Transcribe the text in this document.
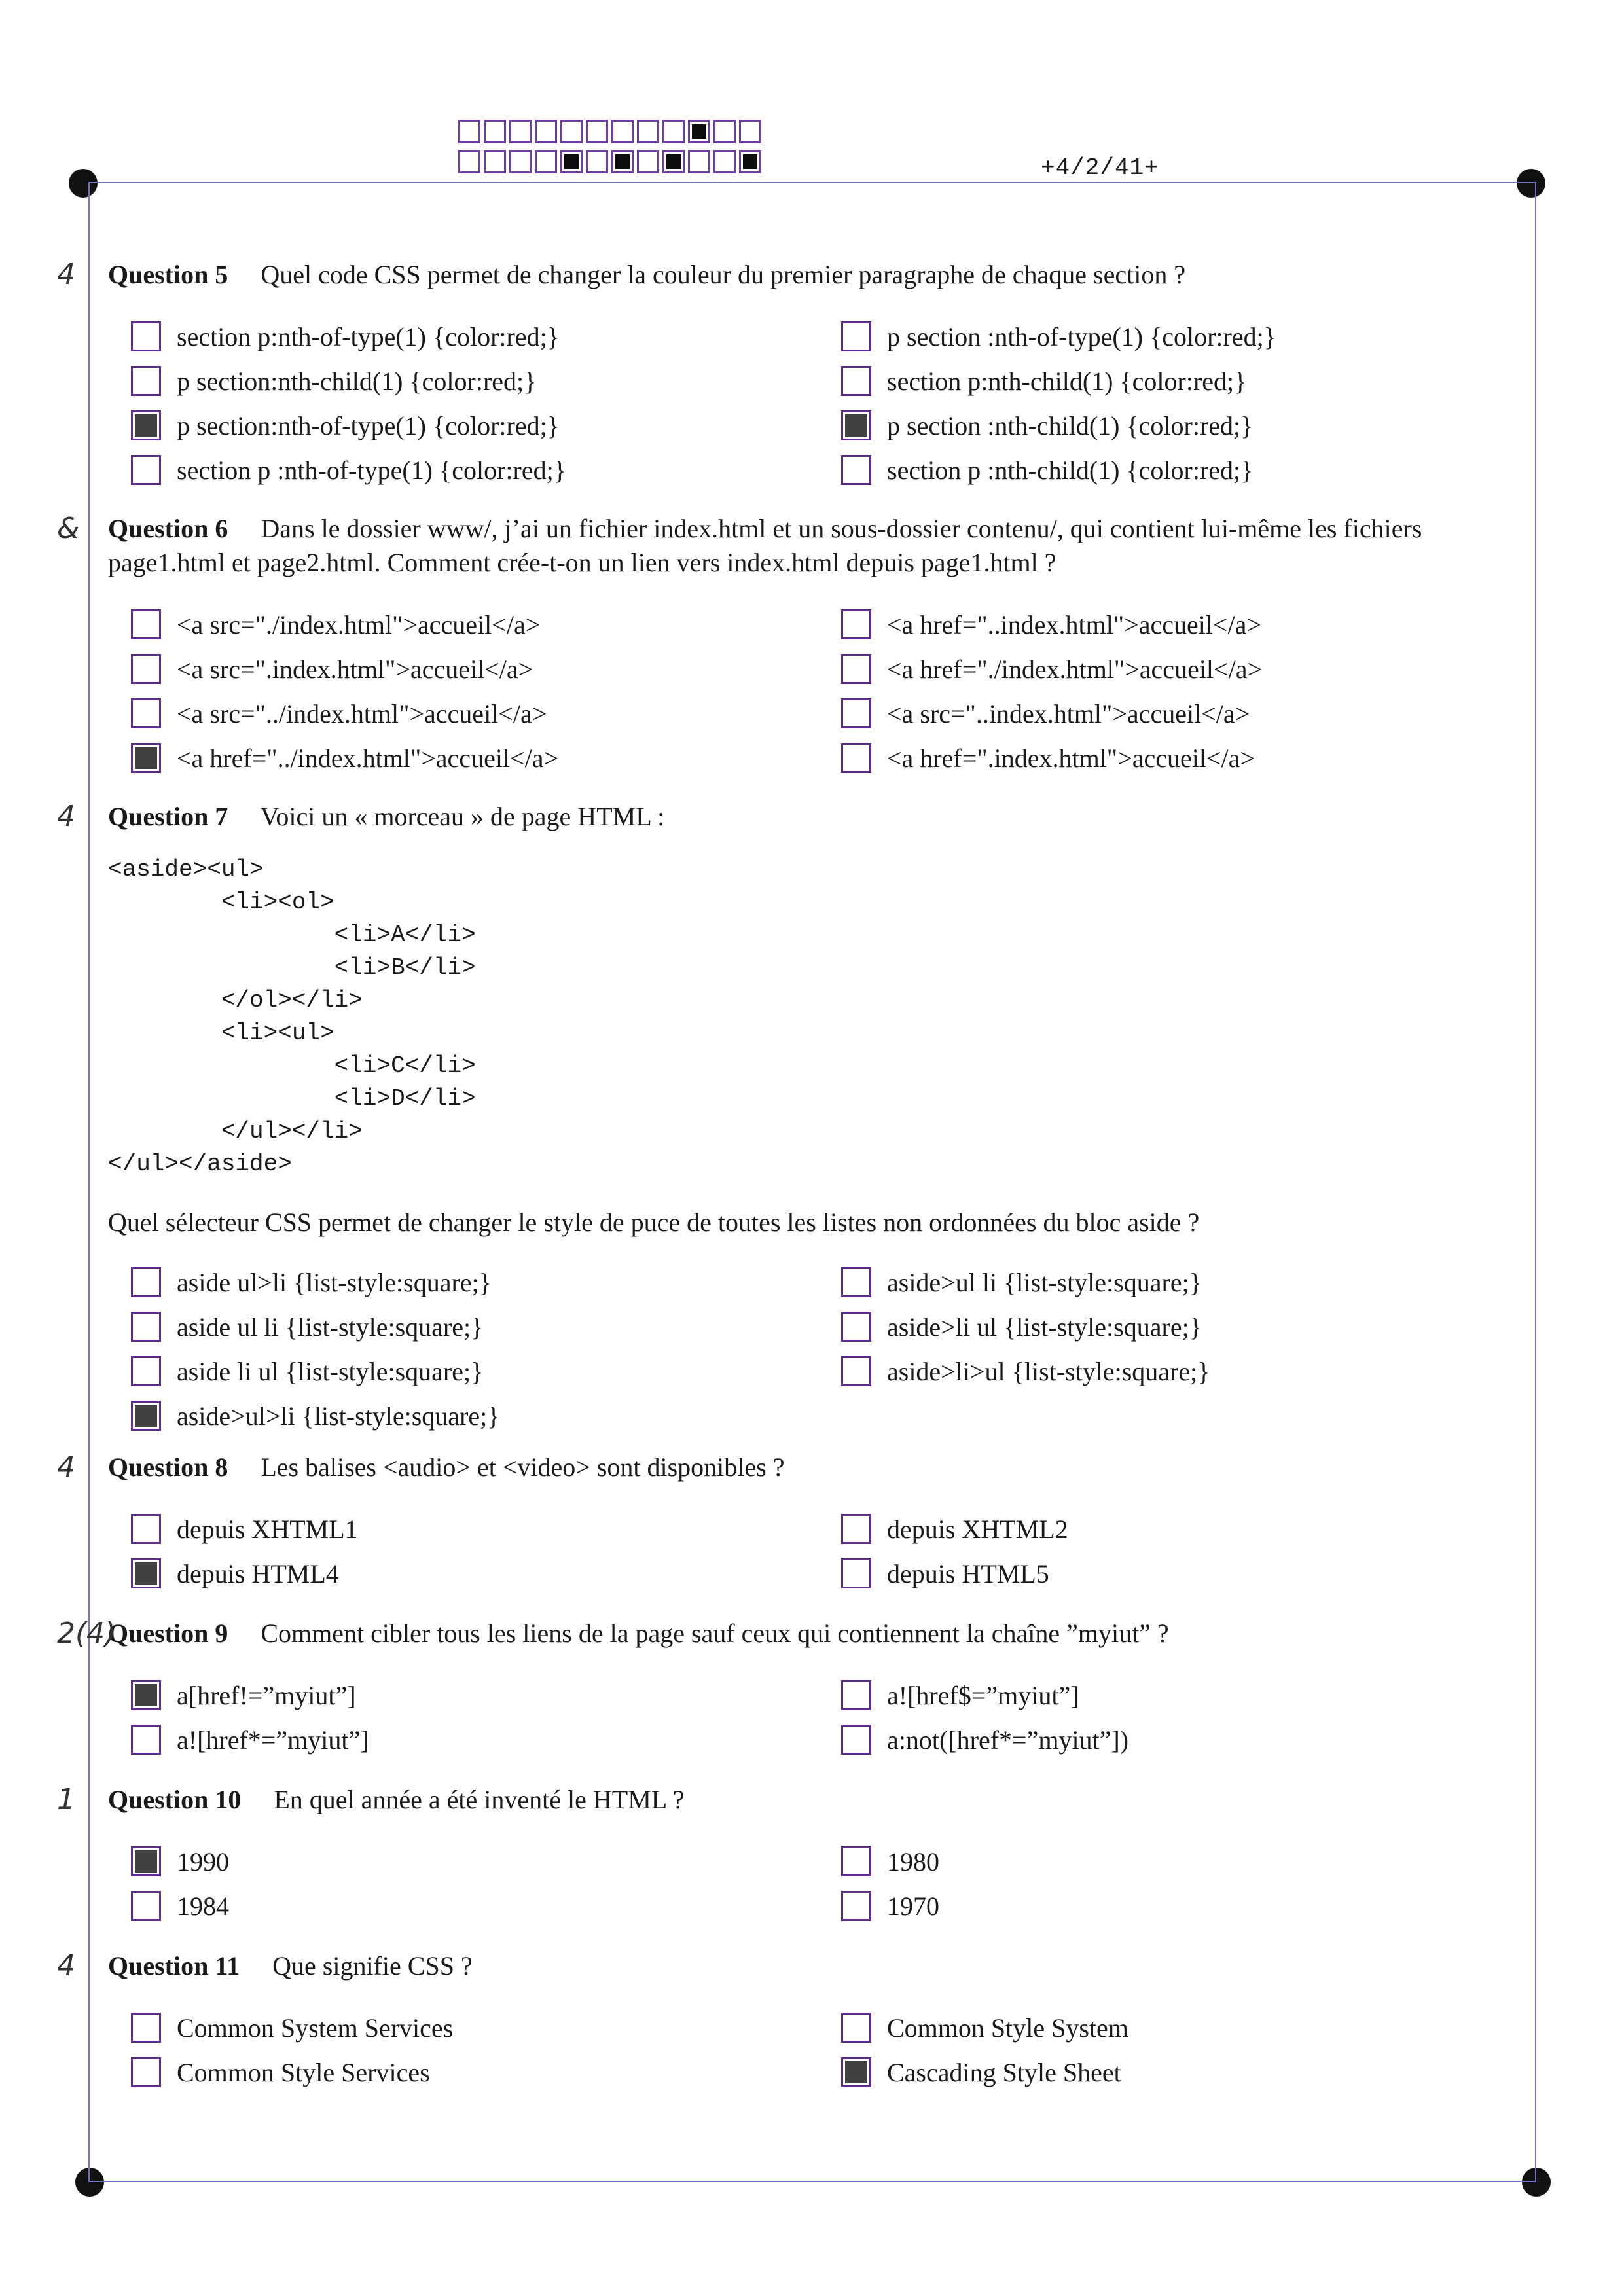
+4/2/41+
4 Question 5 Quel code CSS permet de changer la couleur du premier paragraphe de chaque section ?
section p:nth-of-type(1) {color:red;}	p section :nth-of-type(1) {color:red;}
p section:nth-child(1) {color:red;}	section p:nth-child(1) {color:red;}
p section:nth-of-type(1) {color:red;}	p section :nth-child(1) {color:red;}
section p :nth-of-type(1) {color:red;}	section p :nth-child(1) {color:red;}
& Question 6 Dans le dossier www/, j’ai un fichier index.html et un sous-dossier contenu/, qui contient lui-même les fichiers page1.html et page2.html. Comment crée-t-on un lien vers index.html depuis page1.html ?
<a src="./index.html">accueil</a>	<a href="..index.html">accueil</a>
<a src=".index.html">accueil</a>	<a href="./index.html">accueil</a>
<a src="../index.html">accueil</a>	<a src="..index.html">accueil</a>
<a href="../index.html">accueil</a>	<a href=".index.html">accueil</a>
4 Question 7 Voici un « morceau » de page HTML :
<aside><ul>
<li><ol>
<li>A</li>
<li>B</li>
</ol></li>
<li><ul>
<li>C</li>
<li>D</li>
</ul></li>
</ul></aside>
Quel sélecteur CSS permet de changer le style de puce de toutes les listes non ordonnées du bloc aside ?
aside ul>li {list-style:square;}	aside>ul li {list-style:square;}
aside ul li {list-style:square;}	aside>li ul {list-style:square;}
aside li ul {list-style:square;}	aside>li>ul {list-style:square;}
aside>ul>li {list-style:square;}
4 Question 8 Les balises <audio> et <video> sont disponibles ?
depuis XHTML1	depuis XHTML2
depuis HTML4	depuis HTML5
2(4)
Question 9 Comment cibler tous les liens de la page sauf ceux qui contiennent la chaîne ”myiut” ?
a[href!=”myiut”]	a![href$=”myiut”]
a![href*=”myiut”]	a:not([href*=”myiut”])
1 Question 10 En quel année a été inventé le HTML ?
1990	1980
1984	1970
4 Question 11 Que signifie CSS ?
Common System Services	Common Style System
Common Style Services	Cascading Style Sheet
